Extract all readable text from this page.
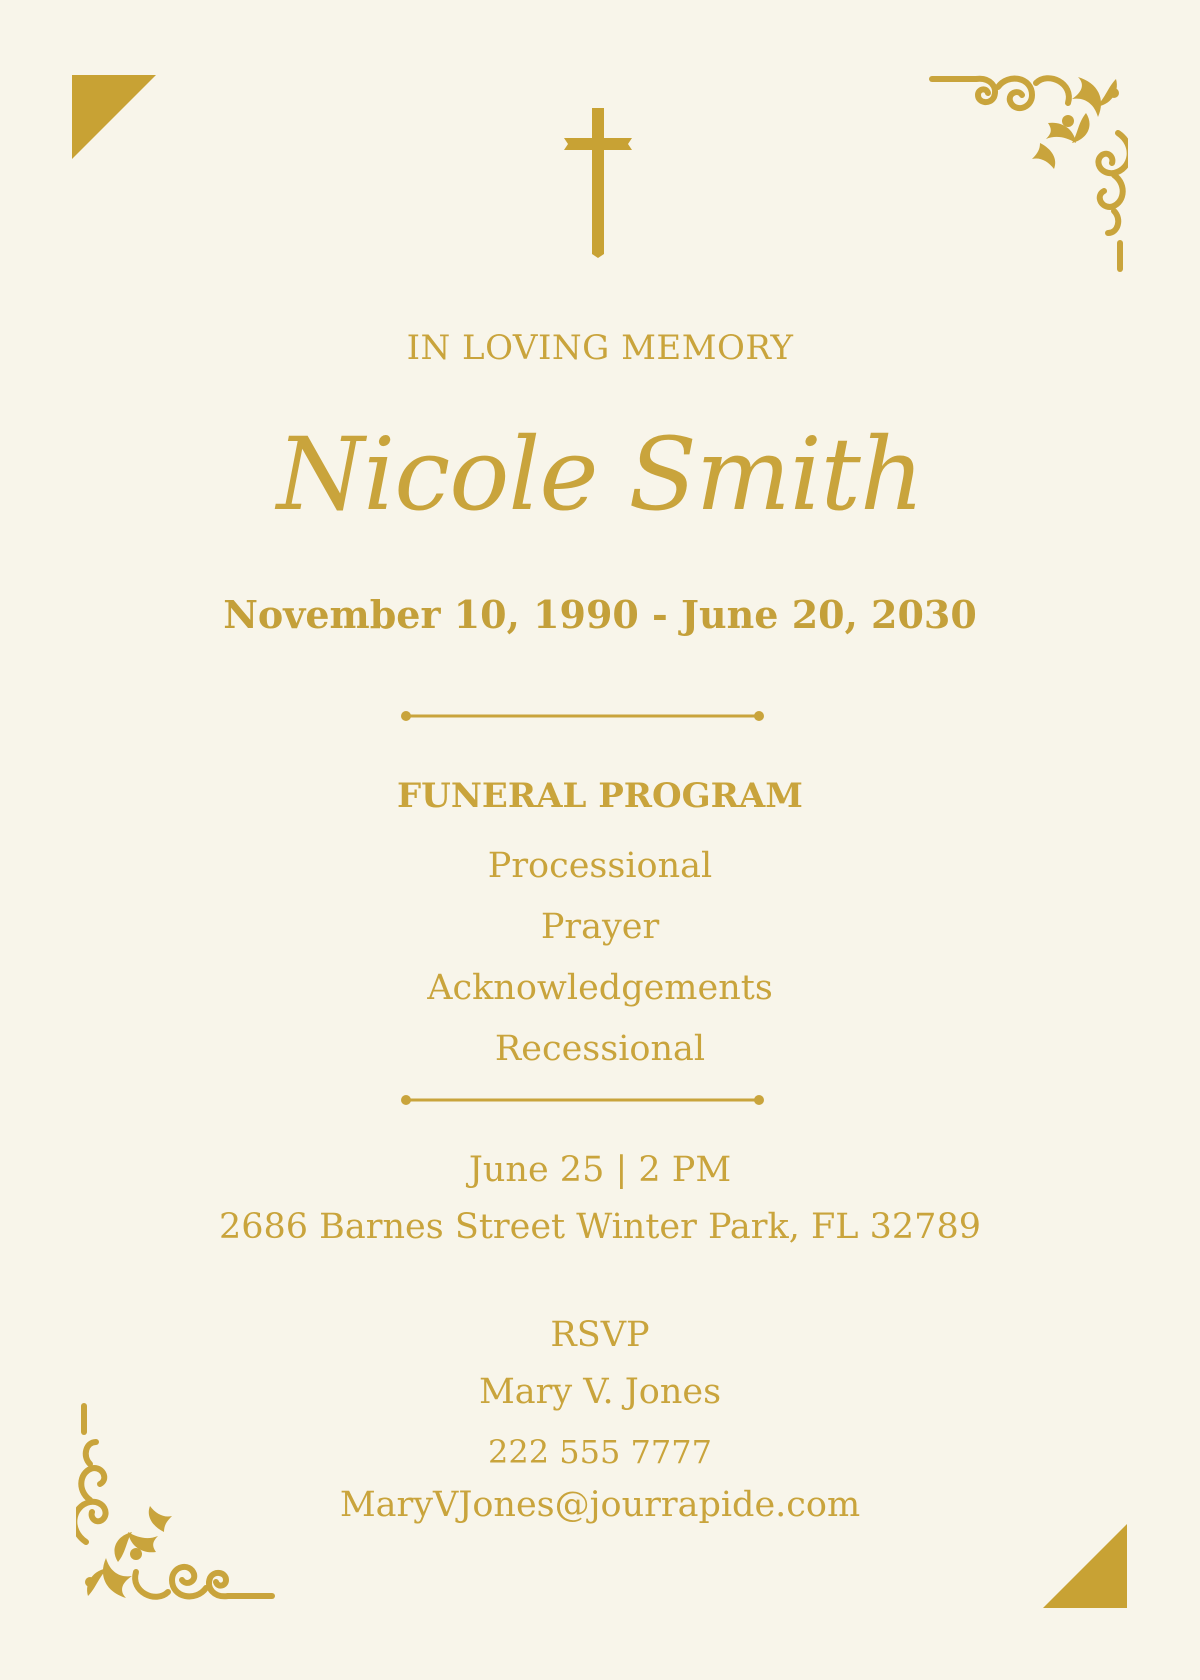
IN LOVING MEMORY
Nicole Smith
November 10, 1990 - June 20, 2030
FUNERAL PROGRAM
Processional
Prayer
Acknowledgements
Recessional
June 25 | 2 PM
2686 Barnes Street Winter Park, FL 32789
RSVP
Mary V. Jones
222 555 7777
MaryVJones@jourrapide.com
